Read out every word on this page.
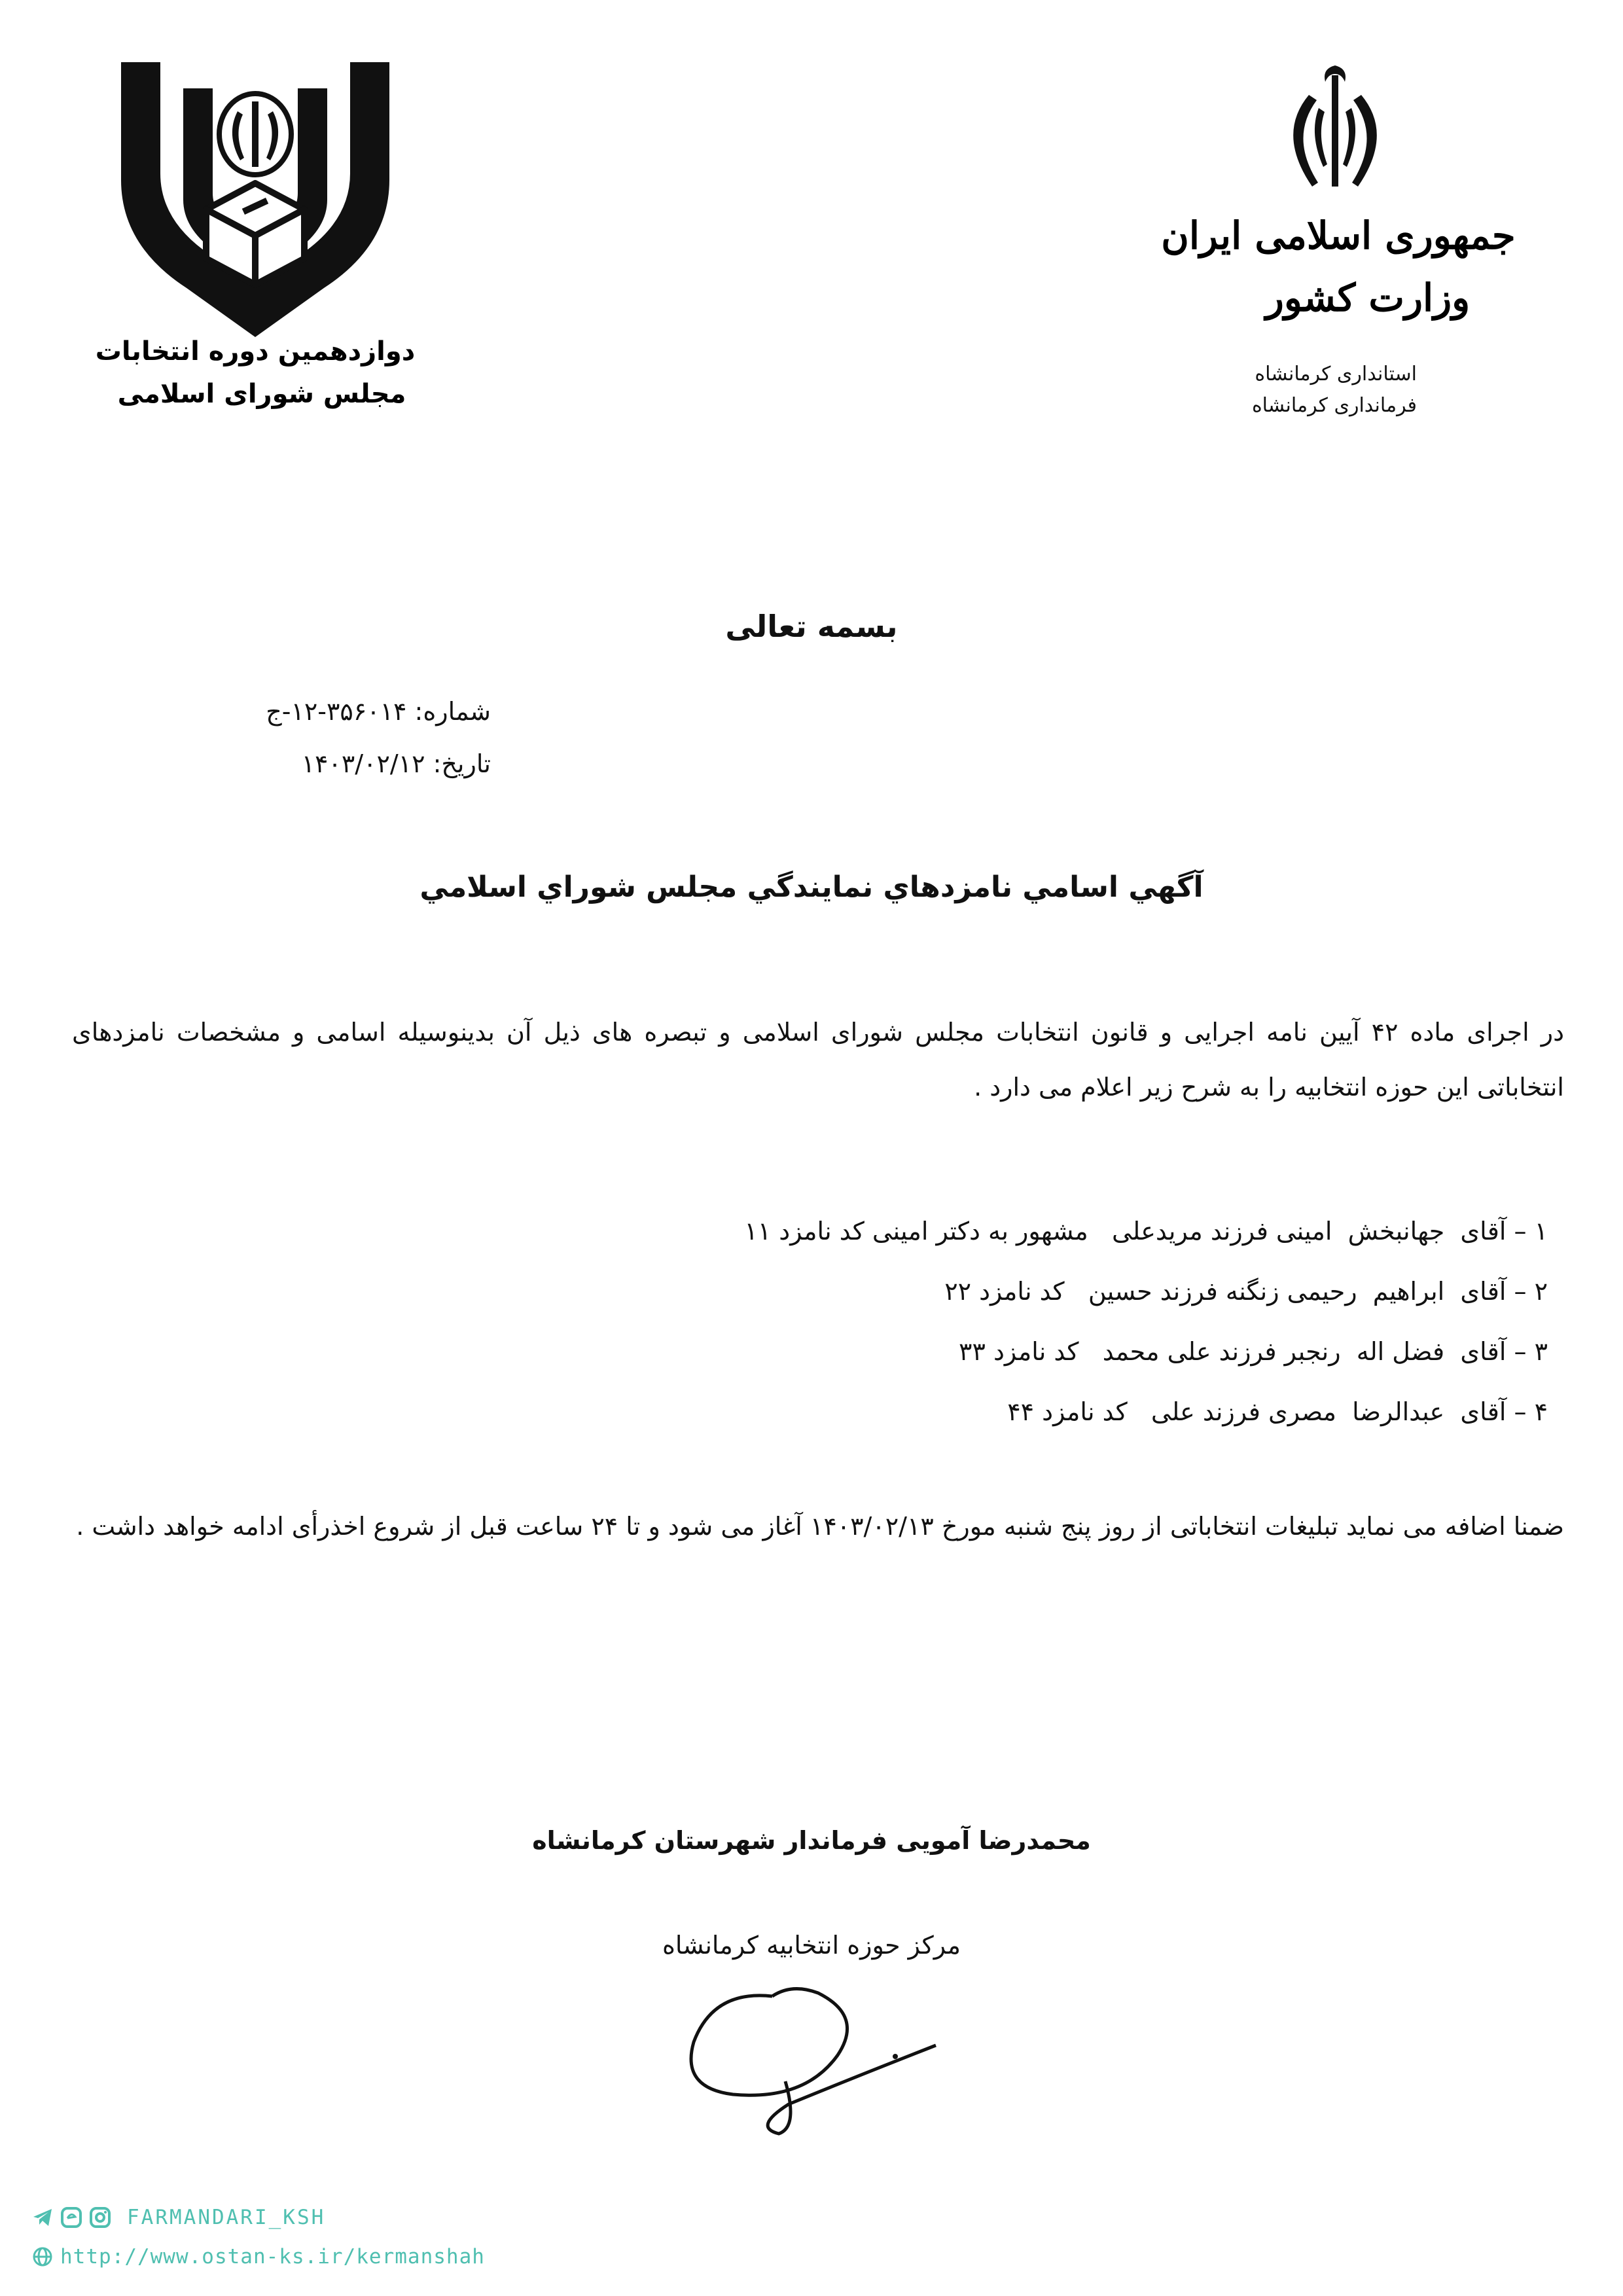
دوازدهمین دوره انتخابات
مجلس شورای اسلامی
جمهوری اسلامی ایران
وزارت کشور
استانداری کرمانشاه
فرمانداری کرمانشاه
بسمه تعالی
شماره: ۳۵۶۰۱۴-۱۲-ج
تاریخ: ۱۴۰۳/۰۲/۱۲
آگهي اسامي نامزدهاي نمايندگي مجلس شوراي اسلامي
در اجرای ماده ۴۲ آیین نامه اجرایی و قانون انتخابات مجلس شورای اسلامی و تبصره های ذیل آن بدینوسیله اسامی و مشخصات نامزدهای انتخاباتی این حوزه انتخابیه را به شرح زیر اعلام می دارد .
۱ – آقای  جهانبخش  امینی فرزند مریدعلی   مشهور به دکتر امینی کد نامزد ۱۱
۲ – آقای  ابراهیم  رحیمی زنگنه فرزند حسین   کد نامزد ۲۲
۳ – آقای  فضل اله  رنجبر فرزند علی محمد   کد نامزد ۳۳
۴ – آقای  عبدالرضا  مصری فرزند علی   کد نامزد ۴۴
ضمنا اضافه می نماید تبلیغات انتخاباتی از روز پنج شنبه مورخ ۱۴۰۳/۰۲/۱۳ آغاز می شود و تا ۲۴ ساعت قبل از شروع اخذرأی ادامه خواهد داشت .
محمدرضا آمویی فرماندار شهرستان کرمانشاه
مرکز حوزه انتخابیه کرمانشاه
FARMANDARI_KSH
http://www.ostan-ks.ir/kermanshah
